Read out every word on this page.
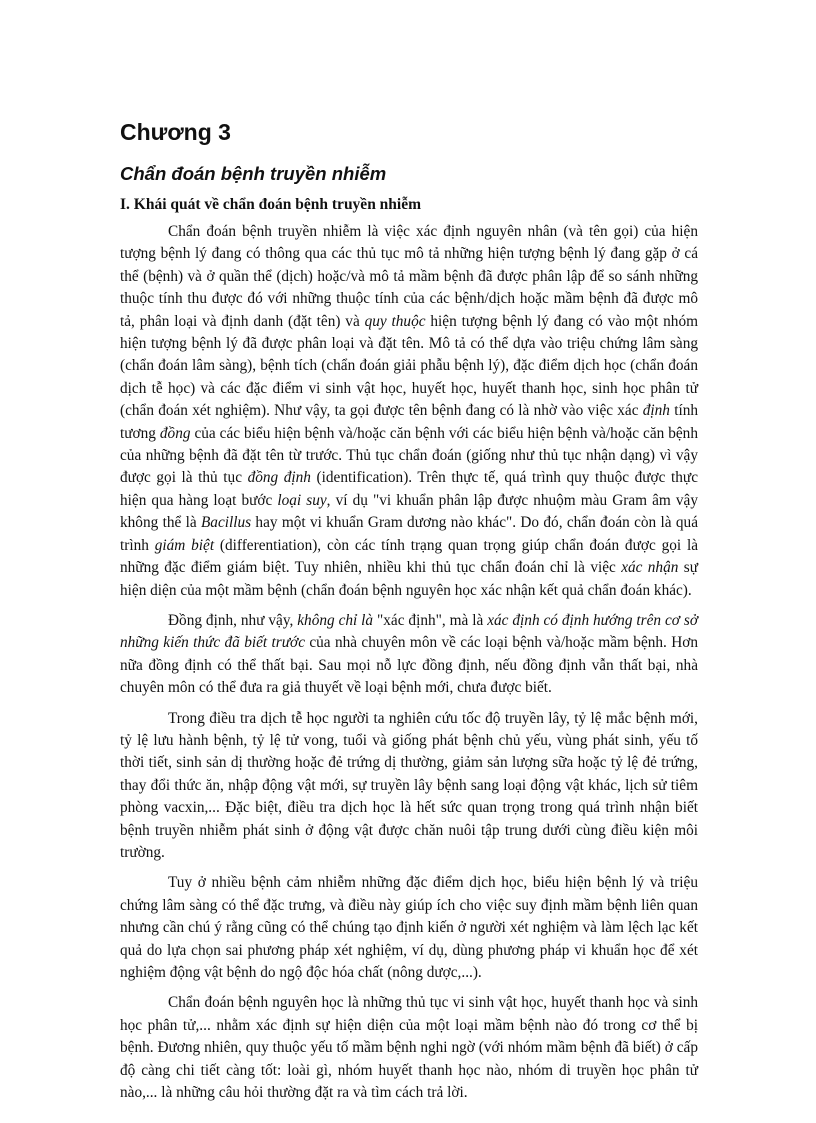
Chương 3
Chẩn đoán bệnh truyền nhiễm
I. Khái quát về chẩn đoán bệnh truyền nhiễm

Chẩn đoán bệnh truyền nhiễm là việc xác định nguyên nhân (và tên gọi) của hiện tượng bệnh lý đang có thông qua các thủ tục mô tả những hiện tượng bệnh lý đang gặp ở cá thể (bệnh) và ở quần thể (dịch) hoặc/và mô tả mầm bệnh đã được phân lập để so sánh những thuộc tính thu được đó với những thuộc tính của các bệnh/dịch hoặc mầm bệnh đã được mô tả, phân loại và định danh (đặt tên) và quy thuộc hiện tượng bệnh lý đang có vào một nhóm hiện tượng bệnh lý đã được phân loại và đặt tên. Mô tả có thể dựa vào triệu chứng lâm sàng (chẩn đoán lâm sàng), bệnh tích (chẩn đoán giải phẫu bệnh lý), đặc điểm dịch học (chẩn đoán dịch tễ học) và các đặc điểm vi sinh vật học, huyết học, huyết thanh học, sinh học phân tử (chẩn đoán xét nghiệm). Như vậy, ta gọi được tên bệnh đang có là nhờ vào việc xác định tính tương đồng của các biểu hiện bệnh và/hoặc căn bệnh với các biểu hiện bệnh và/hoặc căn bệnh của những bệnh đã đặt tên từ trước. Thủ tục chẩn đoán (giống như thủ tục nhận dạng) vì vậy được gọi là thủ tục đồng định (identification). Trên thực tế, quá trình quy thuộc được thực hiện qua hàng loạt bước loại suy, ví dụ "vi khuẩn phân lập được nhuộm màu Gram âm vậy không thể là Bacillus hay một vi khuẩn Gram dương nào khác". Do đó, chẩn đoán còn là quá trình giám biệt (differentiation), còn các tính trạng quan trọng giúp chẩn đoán được gọi là những đặc điểm giám biệt. Tuy nhiên, nhiều khi thủ tục chẩn đoán chỉ là việc xác nhận sự hiện diện của một mầm bệnh (chẩn đoán bệnh nguyên học xác nhận kết quả chẩn đoán khác).

Đồng định, như vậy, không chỉ là "xác định", mà là xác định có định hướng trên cơ sở những kiến thức đã biết trước của nhà chuyên môn về các loại bệnh và/hoặc mầm bệnh. Hơn nữa đồng định có thể thất bại. Sau mọi nỗ lực đồng định, nếu đồng định vẫn thất bại, nhà chuyên môn có thể đưa ra giả thuyết về loại bệnh mới, chưa được biết.

Trong điều tra dịch tễ học người ta nghiên cứu tốc độ truyền lây, tỷ lệ mắc bệnh mới, tỷ lệ lưu hành bệnh, tỷ lệ tử vong, tuổi và giống phát bệnh chủ yếu, vùng phát sinh, yếu tố thời tiết, sinh sản dị thường hoặc đẻ trứng dị thường, giảm sản lượng sữa hoặc tỷ lệ đẻ trứng, thay đổi thức ăn, nhập động vật mới, sự truyền lây bệnh sang loại động vật khác, lịch sử tiêm phòng vacxin,... Đặc biệt, điều tra dịch học là hết sức quan trọng trong quá trình nhận biết bệnh truyền nhiễm phát sinh ở động vật được chăn nuôi tập trung dưới cùng điều kiện môi trường.

Tuy ở nhiều bệnh cảm nhiễm những đặc điểm dịch học, biểu hiện bệnh lý và triệu chứng lâm sàng có thể đặc trưng, và điều này giúp ích cho việc suy định mầm bệnh liên quan nhưng cần chú ý rằng cũng có thể chúng tạo định kiến ở người xét nghiệm và làm lệch lạc kết quả do lựa chọn sai phương pháp xét nghiệm, ví dụ, dùng phương pháp vi khuẩn học để xét nghiệm động vật bệnh do ngộ độc hóa chất (nông dược,...).

Chẩn đoán bệnh nguyên học là những thủ tục vi sinh vật học, huyết thanh học và sinh học phân tử,... nhằm xác định sự hiện diện của một loại mầm bệnh nào đó trong cơ thể bị bệnh. Đương nhiên, quy thuộc yếu tố mầm bệnh nghi ngờ (với nhóm mầm bệnh đã biết) ở cấp độ càng chi tiết càng tốt: loài gì, nhóm huyết thanh học nào, nhóm di truyền học phân tử nào,... là những câu hỏi thường đặt ra và tìm cách trả lời.
